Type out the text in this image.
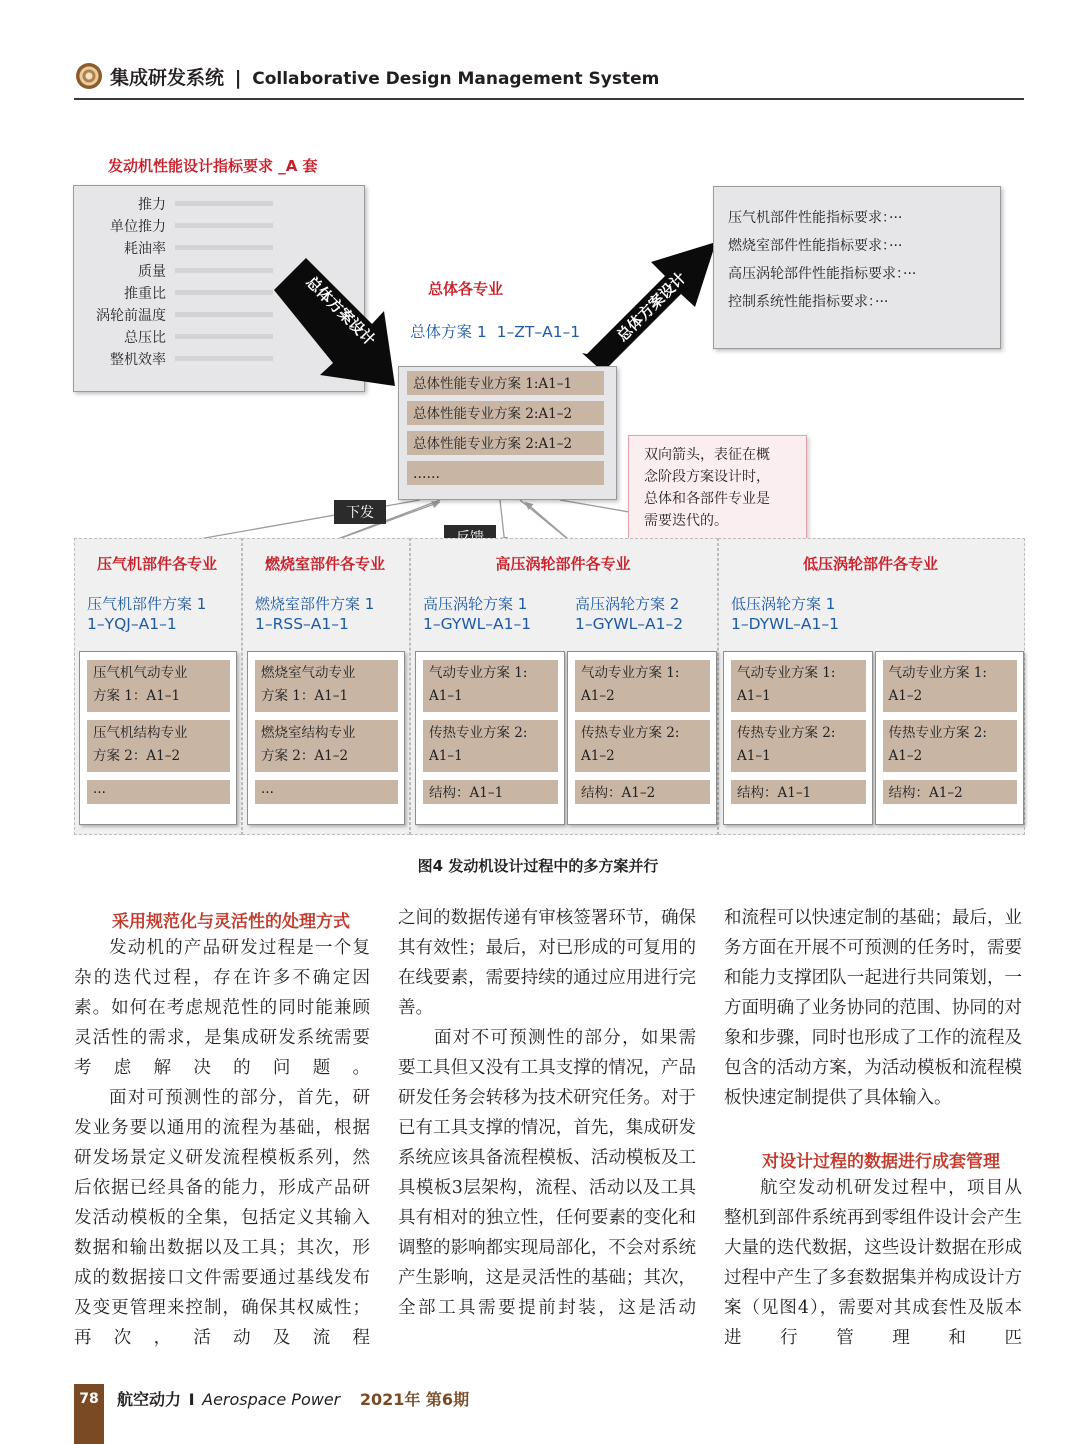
集成研发系统 | Collaborative Design Management System
发动机性能设计指标要求 _A 套
推力
单位推力
耗油率
质量
推重比
涡轮前温度
总压比
整机效率
总体方案设计	总体方案设计
总体各专业
总体方案 1  1–ZT–A1–1
总体性能专业方案 1:A1–1
总体性能专业方案 2:A1–2
总体性能专业方案 2:A1–2
……
压气机部件性能指标要求：···
燃烧室部件性能指标要求：···
高压涡轮部件性能指标要求：···
控制系统性能指标要求：···
双向箭头，表征在概
念阶段方案设计时，
总体和各部件专业是
需要迭代的。
下发
压气机部件各专业
压气机部件方案 1
1–YQJ–A1–1
压气机气动专业
方案 1：A1–1
压气机结构专业
方案 2：A1–2
···
燃烧室部件各专业
燃烧室部件方案 1
1–RSS–A1–1
燃烧室气动专业
方案 1：A1–1
燃烧室结构专业
方案 2：A1–2
···
高压涡轮部件各专业
高压涡轮方案 1
1–GYWL–A1–1
气动专业方案 1:
A1–1
传热专业方案 2:
A1–1
结构：A1–1
高压涡轮方案 2
1–GYWL–A1–2
气动专业方案 1:
A1–2
传热专业方案 2:
A1–2
结构：A1–2
低压涡轮部件各专业
低压涡轮方案 1
1–DYWL–A1–1
气动专业方案 1:
A1–1
传热专业方案 2:
A1–1
结构：A1–1
气动专业方案 1:
A1–2
传热专业方案 2:
A1–2
结构：A1–2
图4 发动机设计过程中的多方案并行
采用规范化与灵活性的处理方式
发动机的产品研发过程是一个复杂的迭代过程，存在许多不确定因素。如何在考虑规范性的同时能兼顾灵活性的需求，是集成研发系统需要考虑解决的问题。
面对可预测性的部分，首先，研发业务要以通用的流程为基础，根据研发场景定义研发流程模板系列，然后依据已经具备的能力，形成产品研发活动模板的全集，包括定义其输入数据和输出数据以及工具；其次，形成的数据接口文件需要通过基线发布及变更管理来控制，确保其权威性；再次，活动及流程
之间的数据传递有审核签署环节，确保其有效性；最后，对已形成的可复用的在线要素，需要持续的通过应用进行完善。
面对不可预测性的部分，如果需要工具但又没有工具支撑的情况，产品研发任务会转移为技术研究任务。对于已有工具支撑的情况，首先，集成研发系统应该具备流程模板、活动模板及工具模板3层架构，流程、活动以及工具具有相对的独立性，任何要素的变化和调整的影响都实现局部化，不会对系统产生影响，这是灵活性的基础；其次，全部工具需要提前封装，这是活动
和流程可以快速定制的基础；最后，业务方面在开展不可预测的任务时，需要和能力支撑团队一起进行共同策划，一方面明确了业务协同的范围、协同的对象和步骤，同时也形成了工作的流程及包含的活动方案，为活动模板和流程模板快速定制提供了具体输入。
对设计过程的数据进行成套管理
航空发动机研发过程中，项目从整机到部件系统再到零组件设计会产生大量的迭代数据，这些设计数据在形成过程中产生了多套数据集并构成设计方案（见图4），需要对其成套性及版本进行管理和匹
78	航空动力 I Aerospace Power 2021年 第6期
